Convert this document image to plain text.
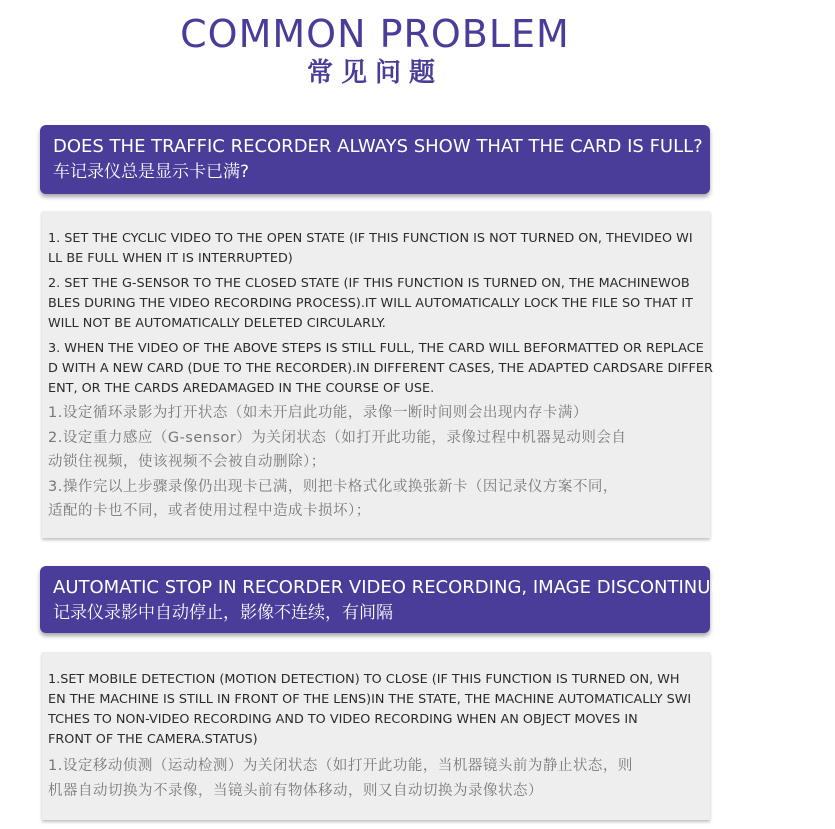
COMMON PROBLEM
常见问题
DOES THE TRAFFIC RECORDER ALWAYS SHOW THAT THE CARD IS FULL?
车记录仪总是显示卡已满?
1. SET THE CYCLIC VIDEO TO THE OPEN STATE (IF THIS FUNCTION IS NOT TURNED ON, THEVIDEO WI
LL BE FULL WHEN IT IS INTERRUPTED)
2. SET THE G-SENSOR TO THE CLOSED STATE (IF THIS FUNCTION IS TURNED ON, THE MACHINEWOB
BLES DURING THE VIDEO RECORDING PROCESS).IT WILL AUTOMATICALLY LOCK THE FILE SO THAT IT
WILL NOT BE AUTOMATICALLY DELETED CIRCULARLY.
3. WHEN THE VIDEO OF THE ABOVE STEPS IS STILL FULL, THE CARD WILL BEFORMATTED OR REPLACE
D WITH A NEW CARD (DUE TO THE RECORDER).IN DIFFERENT CASES, THE ADAPTED CARDSARE DIFFER
ENT, OR THE CARDS AREDAMAGED IN THE COURSE OF USE.
1.设定循环录影为打开状态（如未开启此功能，录像一断时间则会出现内存卡满）
2.设定重力感应（G-sensor）为关闭状态（如打开此功能，录像过程中机器晃动则会自
动锁住视频，使该视频不会被自动删除）；
3.操作完以上步骤录像仍出现卡已满，则把卡格式化或换张新卡（因记录仪方案不同，
适配的卡也不同，或者使用过程中造成卡损坏）；
AUTOMATIC STOP IN RECORDER VIDEO RECORDING, IMAGE DISCONTINUITY, INTERVAL
记录仪录影中自动停止，影像不连续，有间隔
1.SET MOBILE DETECTION (MOTION DETECTION) TO CLOSE (IF THIS FUNCTION IS TURNED ON, WH
EN THE MACHINE IS STILL IN FRONT OF THE LENS)IN THE STATE, THE MACHINE AUTOMATICALLY SWI
TCHES TO NON-VIDEO RECORDING AND TO VIDEO RECORDING WHEN AN OBJECT MOVES IN
FRONT OF THE CAMERA.STATUS)
1.设定移动侦测（运动检测）为关闭状态（如打开此功能，当机器镜头前为静止状态，则
机器自动切换为不录像，当镜头前有物体移动，则又自动切换为录像状态）
